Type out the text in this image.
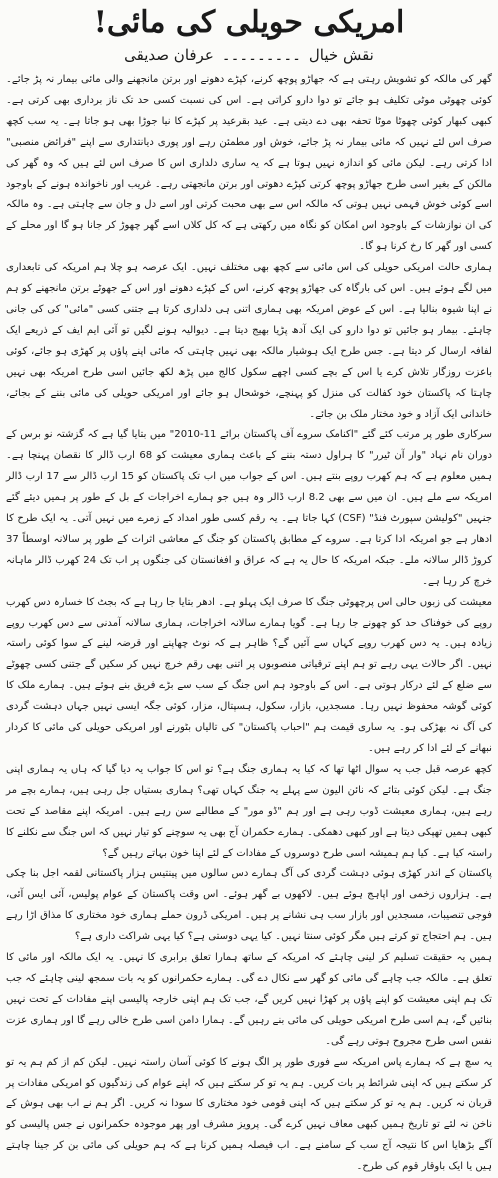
امریکی حویلی کی مائی!
نقش خیال۔۔۔۔۔۔۔۔۔عرفان صدیقی

گھر کی مالکہ کو تشویش رہتی ہے کہ جھاڑو پوچھ کرنے، کپڑے دھونے اور برتن مانجھنے والی مائی بیمار نہ پڑ جائے۔ کوئی چھوٹی موٹی تکلیف ہو جائے تو دوا دارو کراتی ہے۔ اس کی نسبت کسی حد تک ناز برداری بھی کرتی ہے۔ کبھی کبھار کوئی چھوٹا موٹا تحفہ بھی دے دیتی ہے۔ عید بقرعید پر کپڑے کا نیا جوڑا بھی ہو جاتا ہے۔ یہ سب کچھ صرف اس لئے نہیں کہ مائی بیمار نہ پڑ جائے، خوش اور مطمئن رہے اور پوری دیانتداری سے اپنے "فرائض منصبی" ادا کرتی رہے۔ لیکن مائی کو اندازہ نہیں ہوتا ہے کہ یہ ساری دلداری اس کا صرف اس لئے ہیں کہ وہ گھر کی مالکن کے بغیر اسی طرح جھاڑو پوچھ کرتی کپڑے دھوتی اور برتن مانجھتی رہے۔ غریب اور ناخواندہ ہونے کے باوجود اسے کوئی خوش فہمی نہیں ہوتی کہ مالکہ اس سے بھی محبت کرتی اور اسے دل و جان سے چاہتی ہے۔ وہ مالکہ کی ان نوازشات کے باوجود اس امکان کو نگاہ میں رکھتی ہے کہ کل کلاں اسے گھر چھوڑ کر جانا ہو گا اور محلے کے کسی اور گھر کا رخ کرنا ہو گا۔

ہماری حالت امریکی حویلی کی اس مائی سے کچھ بھی مختلف نہیں۔ ایک عرصہ ہو چلا ہم امریکہ کی تابعداری میں لگے ہوئے ہیں۔ اس کی بارگاہ کی جھاڑو پوچھ کرنے، اس کے کپڑے دھونے اور اس کے جھوٹے برتن مانجھنے کو ہم نے اپنا شیوہ بنالیا ہے۔ اس کے عوض امریکہ بھی ہماری اتنی ہی دلداری کرتا ہے جتنی کسی "مائی" کی کی جانی چاہئے۔ بیمار ہو جائیں تو دوا دارو کی ایک آدھ پڑیا بھیج دیتا ہے۔ دیوالیہ ہونے لگیں تو آئی ایم ایف کے ذریعے ایک لفافہ ارسال کر دیتا ہے۔ جس طرح ایک ہوشیار مالکہ بھی نہیں چاہتی کہ مائی اپنے پاؤں پر کھڑی ہو جائے، کوئی باعزت روزگار تلاش کرے یا اس کے بچے کسی اچھے سکول کالج میں پڑھ لکھ جائیں اسی طرح امریکہ بھی نہیں چاہتا کہ پاکستان خود کفالت کی منزل کو پہنچے، خوشحال ہو جائے اور امریکی حویلی کی مائی بننے کے بجائے، خاندانی ایک آزاد و خود مختار ملک بن جائے۔

سرکاری طور پر مرتب کئے گئے "اکنامک سروے آف پاکستان برائے 11-2010" میں بتایا گیا ہے کہ گزشتہ نو برس کے دوران نام نہاد "وار آن ٹیرر" کا ہراول دستہ بننے کے باعث ہماری معیشت کو 68 ارب ڈالر کا نقصان پہنچا ہے۔ ہمیں معلوم ہے کہ ہم کھرب روپے بنتے ہیں۔ اس کے جواب میں اب تک پاکستان کو 15 ارب ڈالر سے 17 ارب ڈالر امریکہ سے ملے ہیں۔ ان میں سے بھی 8.2 ارب ڈالر وہ ہیں جو ہمارے اخراجات کے بل کے طور پر ہمیں دیئے گئے جنہیں "کولیشن سپورٹ فنڈ" (CSF) کہا جاتا ہے۔ یہ رقم کسی طور امداد کے زمرے میں نہیں آتی۔ یہ ایک طرح کا ادھار ہے جو امریکہ ادا کرتا ہے۔ سروے کے مطابق پاکستان کو جنگ کے معاشی اثرات کے طور پر سالانہ اوسطاً 37 کروڑ ڈالر سالانہ ملے۔ جبکہ امریکہ کا حال یہ ہے کہ عراق و افغانستان کی جنگوں پر اب تک 24 کھرب ڈالر ماہانہ خرچ کر رہا ہے۔

معیشت کی زبوں حالی اس پرچھوٹی جنگ کا صرف ایک پہلو ہے۔ ادھر بتایا جا رہا ہے کہ بجٹ کا خسارہ دس کھرب روپے کی خوفناک حد کو چھونے جا رہا ہے۔ گویا ہمارے سالانہ اخراجات، ہماری سالانہ آمدنی سے دس کھرب روپے زیادہ ہیں۔ یہ دس کھرب روپے کہاں سے آئیں گے؟ ظاہر ہے کہ نوٹ چھاپنے اور قرضہ لینے کے سوا کوئی راستہ نہیں۔ اگر حالات یہی رہے تو ہم اپنے ترقیاتی منصوبوں پر اتنی بھی رقم خرچ نہیں کر سکیں گے جتنی کسی چھوٹے سے ضلع کے لئے درکار ہوتی ہے۔ اس کے باوجود ہم اس جنگ کے سب سے بڑے فریق بنے ہوئے ہیں۔ ہمارے ملک کا کوئی گوشہ محفوظ نہیں رہا۔ مسجدیں، بازار، سکول، ہسپتال، مزار، کوئی جگہ ایسی نہیں جہاں دہشت گردی کی آگ نہ بھڑکی ہو۔ یہ ساری قیمت ہم "احباب پاکستان" کی تالیاں بٹورنے اور امریکی حویلی کی مائی کا کردار نبھانے کے لئے ادا کر رہے ہیں۔

کچھ عرصہ قبل جب یہ سوال اٹھا تھا کہ کیا یہ ہماری جنگ ہے؟ تو اس کا جواب یہ دیا گیا کہ ہاں یہ ہماری اپنی جنگ ہے۔ لیکن کوئی بتائے کہ نائن الیون سے پہلے یہ جنگ کہاں تھی؟ ہماری بستیاں جل رہی ہیں، ہمارے بچے مر رہے ہیں، ہماری معیشت ڈوب رہی ہے اور ہم "ڈو مور" کے مطالبے سن رہے ہیں۔ امریکہ اپنے مقاصد کے تحت کبھی ہمیں تھپکی دیتا ہے اور کبھی دھمکی۔ ہمارے حکمران آج بھی یہ سوچنے کو تیار نہیں کہ اس جنگ سے نکلنے کا راستہ کیا ہے۔ کیا ہم ہمیشہ اسی طرح دوسروں کے مفادات کے لئے اپنا خون بہاتے رہیں گے؟

پاکستان کے اندر کھڑی ہوئی دہشت گردی کی آگ ہمارے دس سالوں میں پینتیس ہزار پاکستانی لقمہ اجل بنا چکی ہے۔ ہزاروں زخمی اور اپاہج ہوئے ہیں۔ لاکھوں بے گھر ہوئے۔ اس وقت پاکستان کے عوام پولیس، آئی ایس آئی، فوجی تنصیبات، مسجدیں اور بازار سب ہی نشانے پر ہیں۔ امریکی ڈرون حملے ہماری خود مختاری کا مذاق اڑا رہے ہیں۔ ہم احتجاج تو کرتے ہیں مگر کوئی سنتا نہیں۔ کیا یہی دوستی ہے؟ کیا یہی شراکت داری ہے؟

ہمیں یہ حقیقت تسلیم کر لینی چاہئے کہ امریکہ کے ساتھ ہمارا تعلق برابری کا نہیں۔ یہ ایک مالکہ اور مائی کا تعلق ہے۔ مالکہ جب چاہے گی مائی کو گھر سے نکال دے گی۔ ہمارے حکمرانوں کو یہ بات سمجھ لینی چاہئے کہ جب تک ہم اپنی معیشت کو اپنے پاؤں پر کھڑا نہیں کریں گے، جب تک ہم اپنی خارجہ پالیسی اپنے مفادات کے تحت نہیں بنائیں گے، ہم اسی طرح امریکی حویلی کی مائی بنے رہیں گے۔ ہمارا دامن اسی طرح خالی رہے گا اور ہماری عزت نفس اسی طرح مجروح ہوتی رہے گی۔

یہ سچ ہے کہ ہمارے پاس امریکہ سے فوری طور پر الگ ہونے کا کوئی آسان راستہ نہیں۔ لیکن کم از کم ہم یہ تو کر سکتے ہیں کہ اپنی شرائط پر بات کریں۔ ہم یہ تو کر سکتے ہیں کہ اپنے عوام کی زندگیوں کو امریکی مفادات پر قربان نہ کریں۔ ہم یہ تو کر سکتے ہیں کہ اپنی قومی خود مختاری کا سودا نہ کریں۔ اگر ہم نے اب بھی ہوش کے ناخن نہ لئے تو تاریخ ہمیں کبھی معاف نہیں کرے گی۔ پرویز مشرف اور پھر موجودہ حکمرانوں نے جس پالیسی کو آگے بڑھایا اس کا نتیجہ آج سب کے سامنے ہے۔ اب فیصلہ ہمیں کرنا ہے کہ ہم حویلی کی مائی بن کر جینا چاہتے ہیں یا ایک باوقار قوم کی طرح۔
